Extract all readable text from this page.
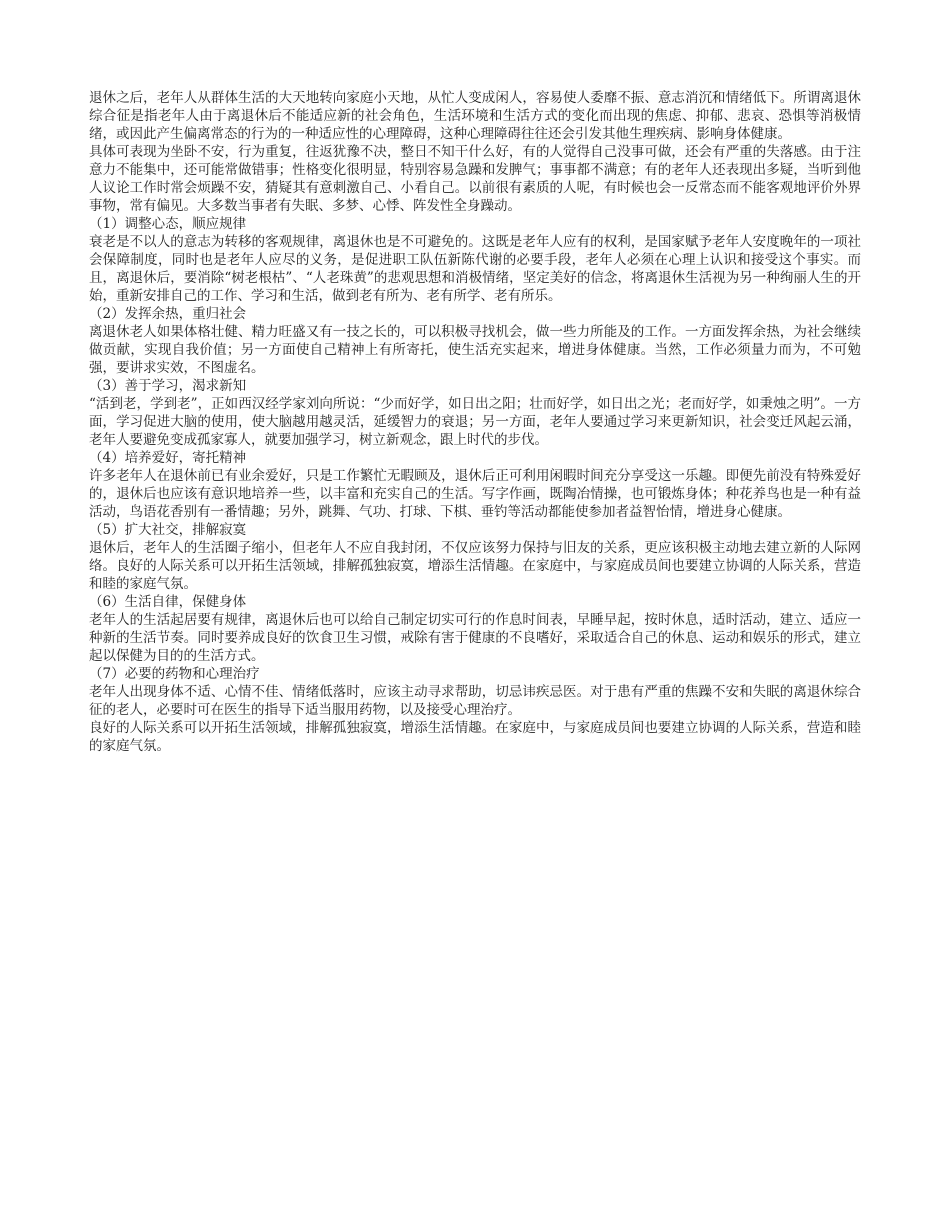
退休之后，老年人从群体生活的大天地转向家庭小天地，从忙人变成闲人，容易使人委靡不振、意志消沉和情绪低下。所谓离退休综合征是指老年人由于离退休后不能适应新的社会角色，生活环境和生活方式的变化而出现的焦虑、抑郁、悲哀、恐惧等消极情绪，或因此产生偏离常态的行为的一种适应性的心理障碍，这种心理障碍往往还会引发其他生理疾病、影响身体健康。

具体可表现为坐卧不安，行为重复，往返犹豫不决，整日不知干什么好，有的人觉得自己没事可做，还会有严重的失落感。由于注意力不能集中，还可能常做错事；性格变化很明显，特别容易急躁和发脾气；事事都不满意；有的老年人还表现出多疑，当听到他人议论工作时常会烦躁不安，猜疑其有意刺激自己、小看自己。以前很有素质的人呢，有时候也会一反常态而不能客观地评价外界事物，常有偏见。大多数当事者有失眠、多梦、心悸、阵发性全身躁动。

（1）调整心态，顺应规律

衰老是不以人的意志为转移的客观规律，离退休也是不可避免的。这既是老年人应有的权利，是国家赋予老年人安度晚年的一项社会保障制度，同时也是老年人应尽的义务，是促进职工队伍新陈代谢的必要手段，老年人必须在心理上认识和接受这个事实。而且，离退休后，要消除“树老根枯”、“人老珠黄”的悲观思想和消极情绪，坚定美好的信念，将离退休生活视为另一种绚丽人生的开始，重新安排自己的工作、学习和生活，做到老有所为、老有所学、老有所乐。

（2）发挥余热，重归社会

离退休老人如果体格壮健、精力旺盛又有一技之长的，可以积极寻找机会，做一些力所能及的工作。一方面发挥余热，为社会继续做贡献，实现自我价值；另一方面使自己精神上有所寄托，使生活充实起来，增进身体健康。当然，工作必须量力而为，不可勉强，要讲求实效，不图虚名。

（3）善于学习，渴求新知

“活到老，学到老”，正如西汉经学家刘向所说：“少而好学，如日出之阳；壮而好学，如日出之光；老而好学，如秉烛之明”。一方面，学习促进大脑的使用，使大脑越用越灵活，延缓智力的衰退；另一方面，老年人要通过学习来更新知识，社会变迁风起云涌，老年人要避免变成孤家寡人，就要加强学习，树立新观念，跟上时代的步伐。

（4）培养爱好，寄托精神

许多老年人在退休前已有业余爱好，只是工作繁忙无暇顾及，退休后正可利用闲暇时间充分享受这一乐趣。即便先前没有特殊爱好的，退休后也应该有意识地培养一些，以丰富和充实自己的生活。写字作画，既陶冶情操，也可锻炼身体；种花养鸟也是一种有益活动，鸟语花香别有一番情趣；另外，跳舞、气功、打球、下棋、垂钓等活动都能使参加者益智怡情，增进身心健康。

（5）扩大社交，排解寂寞

退休后，老年人的生活圈子缩小，但老年人不应自我封闭，不仅应该努力保持与旧友的关系，更应该积极主动地去建立新的人际网络。良好的人际关系可以开拓生活领域，排解孤独寂寞，增添生活情趣。在家庭中，与家庭成员间也要建立协调的人际关系，营造和睦的家庭气氛。

（6）生活自律，保健身体

老年人的生活起居要有规律，离退休后也可以给自己制定切实可行的作息时间表，早睡早起，按时休息，适时活动，建立、适应一种新的生活节奏。同时要养成良好的饮食卫生习惯，戒除有害于健康的不良嗜好，采取适合自己的休息、运动和娱乐的形式，建立起以保健为目的的生活方式。

（7）必要的药物和心理治疗

老年人出现身体不适、心情不佳、情绪低落时，应该主动寻求帮助，切忌讳疾忌医。对于患有严重的焦躁不安和失眠的离退休综合征的老人，必要时可在医生的指导下适当服用药物，以及接受心理治疗。

良好的人际关系可以开拓生活领域，排解孤独寂寞，增添生活情趣。在家庭中，与家庭成员间也要建立协调的人际关系，营造和睦的家庭气氛。
